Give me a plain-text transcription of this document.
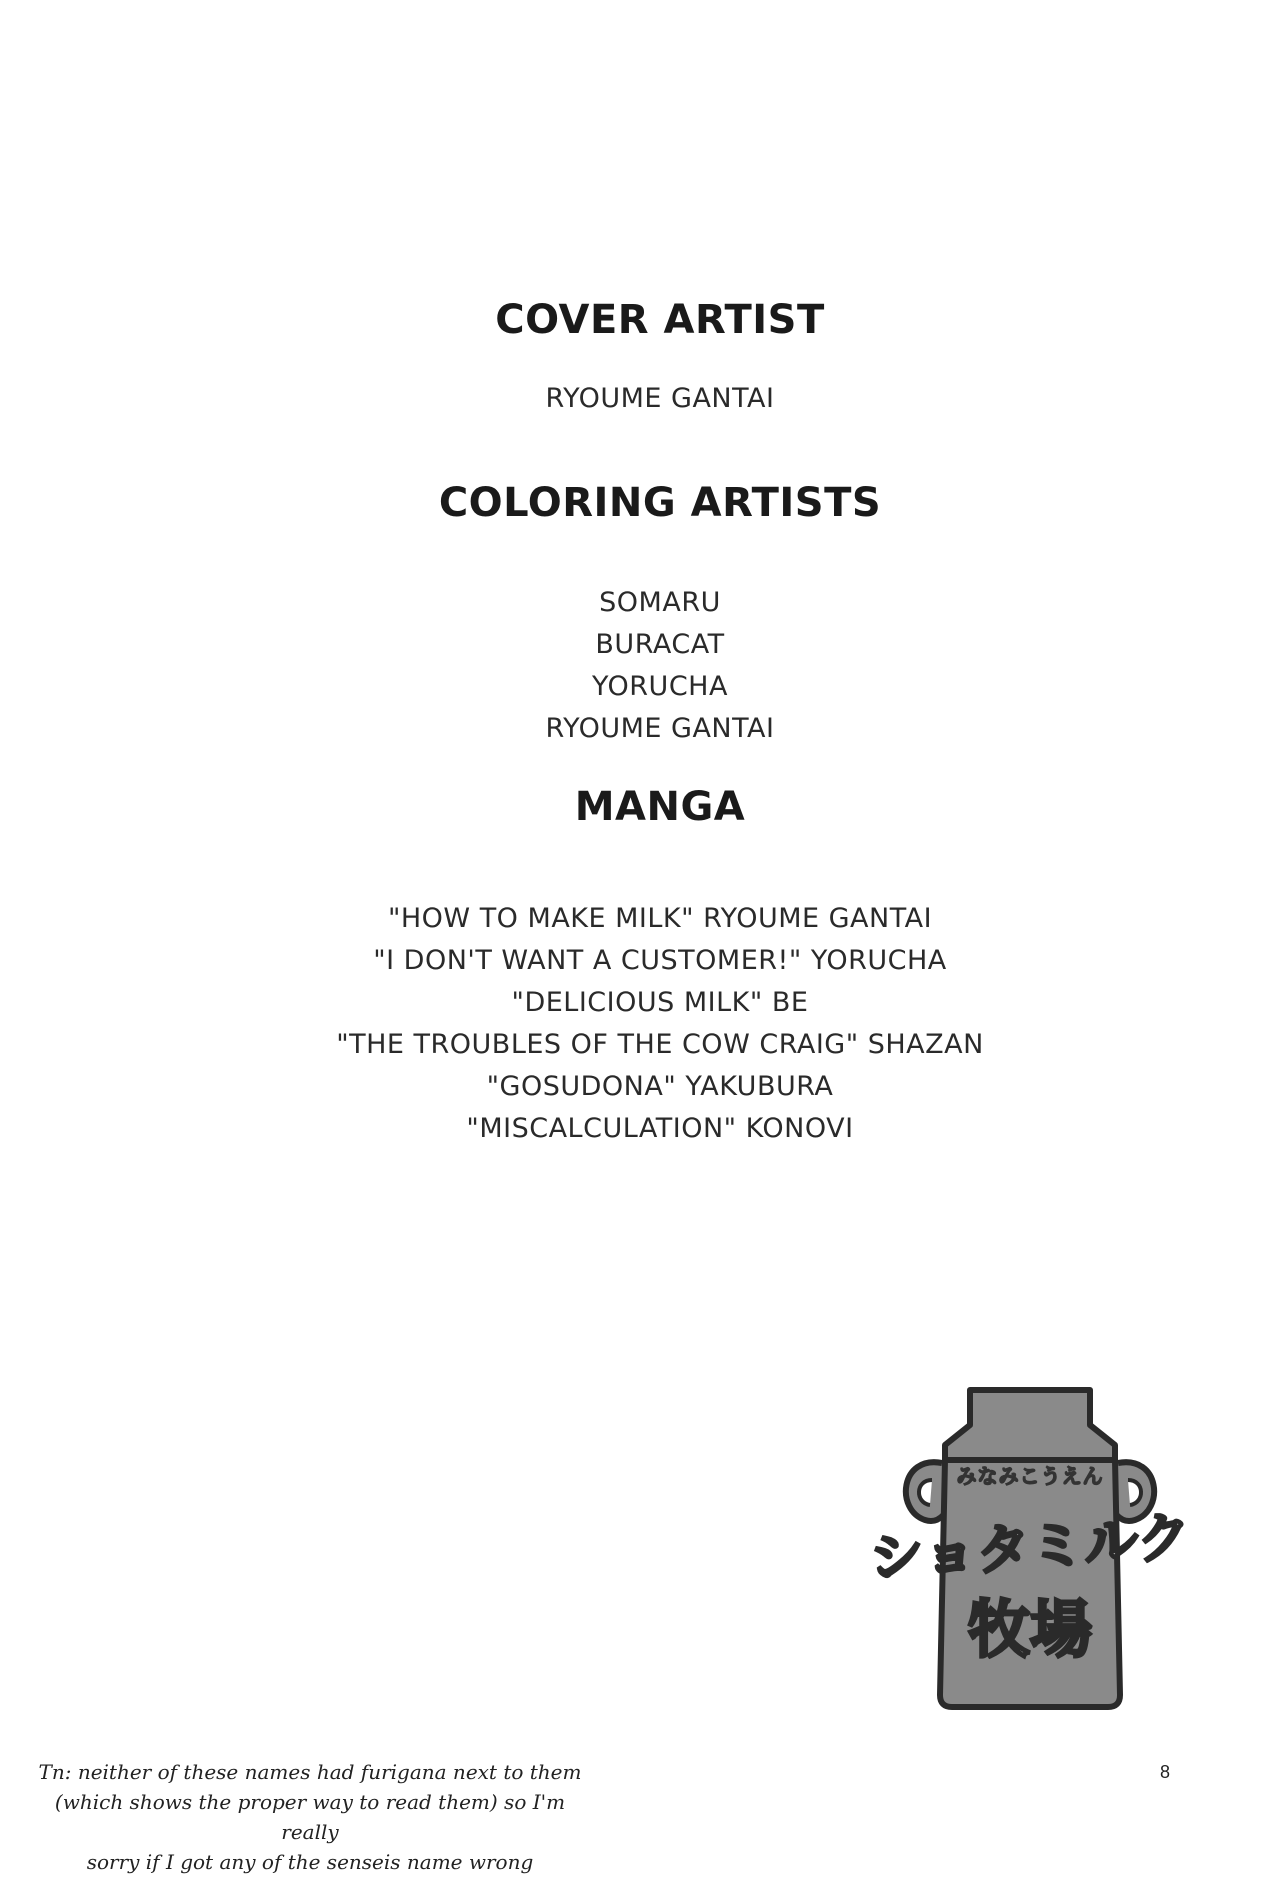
COVER ARTIST
RYOUME GANTAI
COLORING ARTISTS
SOMARU
BURACAT
YORUCHA
RYOUME GANTAI
MANGA
"HOW TO MAKE MILK" RYOUME GANTAI
"I DON'T WANT A CUSTOMER!" YORUCHA
"DELICIOUS MILK" BE
"THE TROUBLES OF THE COW CRAIG" SHAZAN
"GOSUDONA" YAKUBURA
"MISCALCULATION" KONOVI
みなみこうえん
ショタミルク
牧場
Tn: neither of these names had furigana next to them
(which shows the proper way to read them) so I'm really
sorry if I got any of the senseis name wrong
8
